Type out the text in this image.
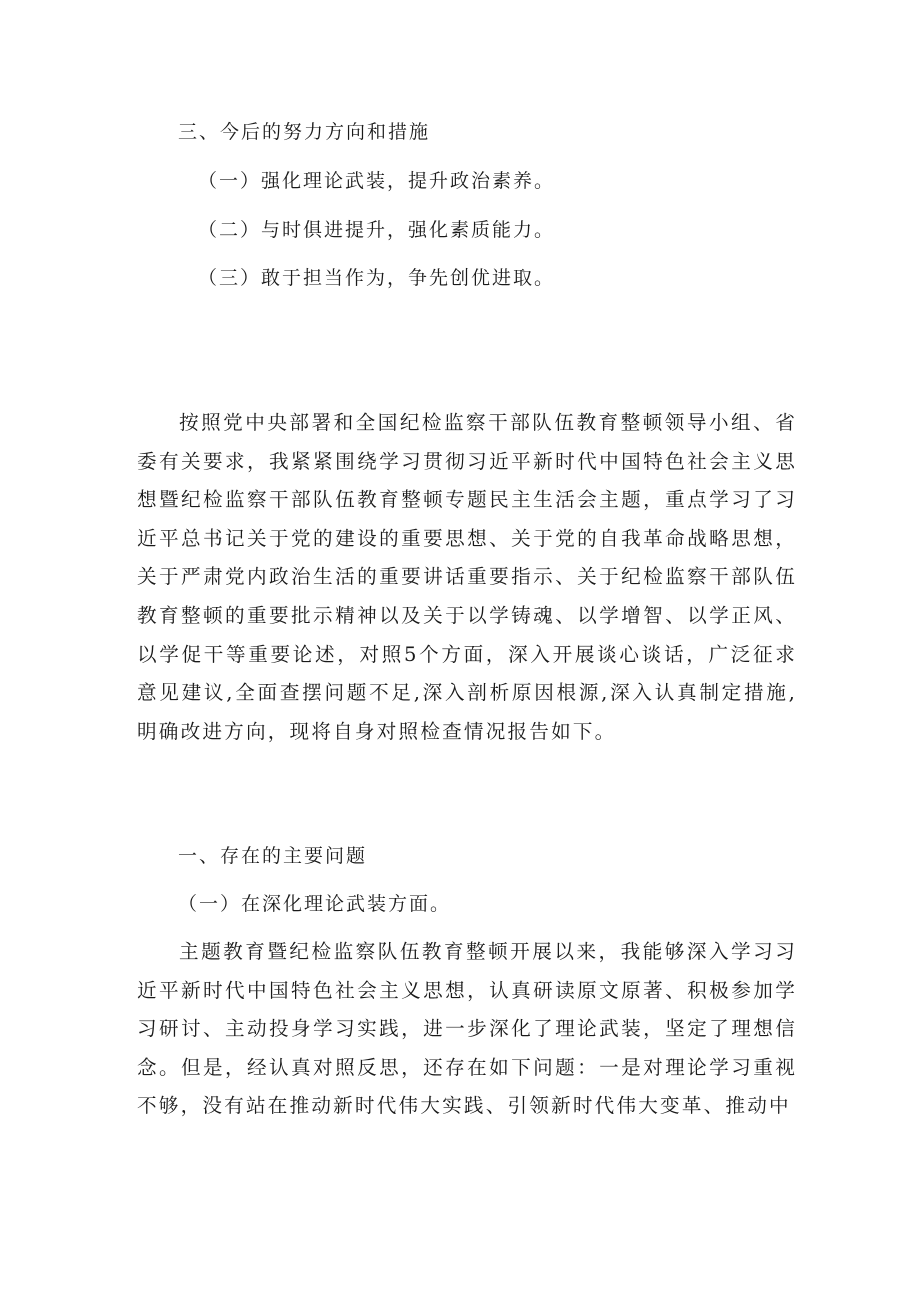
三、今后的努力方向和措施
（一）强化理论武装，提升政治素养。
（二）与时俱进提升，强化素质能力。
（三）敢于担当作为，争先创优进取。
按照党中央部署和全国纪检监察干部队伍教育整顿领导小组、省委有关要求，我紧紧围绕学习贯彻习近平新时代中国特色社会主义思想暨纪检监察干部队伍教育整顿专题民主生活会主题，重点学习了习近平总书记关于党的建设的重要思想、关于党的自我革命战略思想，关于严肃党内政治生活的重要讲话重要指示、关于纪检监察干部队伍教育整顿的重要批示精神以及关于以学铸魂、以学增智、以学正风、以学促干等重要论述，对照5个方面，深入开展谈心谈话，广泛征求意见建议,全面查摆问题不足,深入剖析原因根源,深入认真制定措施,明确改进方向，现将自身对照检查情况报告如下。
一、存在的主要问题
（一）在深化理论武装方面。
主题教育暨纪检监察队伍教育整顿开展以来，我能够深入学习习近平新时代中国特色社会主义思想，认真研读原文原著、积极参加学习研讨、主动投身学习实践，进一步深化了理论武装，坚定了理想信念。但是，经认真对照反思，还存在如下问题：一是对理论学习重视不够，没有站在推动新时代伟大实践、引领新时代伟大变革、推动中
